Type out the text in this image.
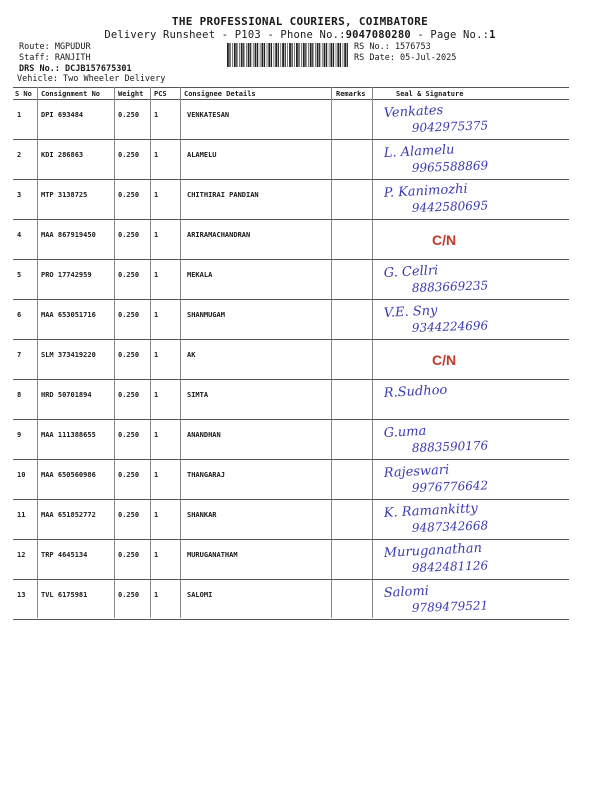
THE PROFESSIONAL COURIERS, COIMBATORE
Delivery Runsheet - P103 - Phone No.:9047080280 - Page No.:1
Route: MGPUDUR
Staff: RANJITH
DRS No.: DCJB157675301
RS No.: 1576753
RS Date: 05-Jul-2025
Vehicle: Two Wheeler Delivery
S No Consignment No	Weight PCS Consignee Details	Remarks	Seal & Signature
1	DPI 693484	0.250 1	VENKATESAN	Venkates
9042975375
2	KDI 286863	0.250 1	ALAMELU	L. Alamelu
9965588869
3	MTP 3138725	0.250 1	CHITHIRAI PANDIAN	P. Kanimozhi
9442580695
4	MAA 867919450	0.250 1	ARIRAMACHANDRAN	C/N
5	PRO 17742959	0.250 1	MEKALA	G. Cellri
8883669235
6	MAA 653051716	0.250 1	SHANMUGAM	V.E. Sny
9344224696
7	SLM 373419220	0.250 1	AK	C/N
8	HRD 50701894	0.250 1	SIMTA	R.Sudhoo
9	MAA 111388655	0.250 1	ANANDHAN	G.uma
8883590176
10 MAA 650560986	0.250 1	THANGARAJ	Rajeswari
9976776642
11 MAA 651852772	0.250 1	SHANKAR	K. Ramankitty
9487342668
12 TRP 4645134	0.250 1	MURUGANATHAM	Muruganathan
9842481126
13 TVL 6175981	0.250 1	SALOMI	Salomi
9789479521
